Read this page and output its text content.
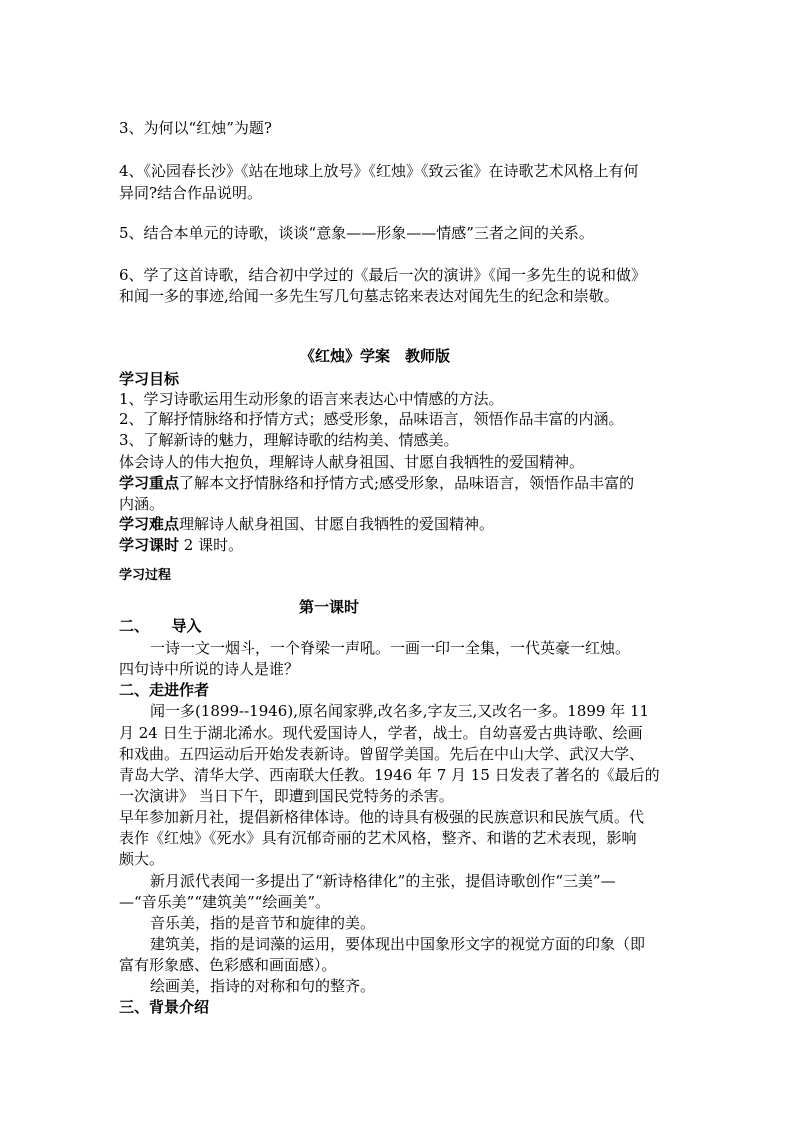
3、为何以“红烛”为题?
4、《沁园春长沙》《站在地球上放号》《红烛》《致云雀》在诗歌艺术风格上有何
异同?结合作品说明。
5、结合本单元的诗歌，谈谈“意象——形象——情感”三者之间的关系。
6、学了这首诗歌，结合初中学过的《最后一次的演讲》《闻一多先生的说和做》
和闻一多的事迹,给闻一多先生写几句墓志铭来表达对闻先生的纪念和崇敬。
《红烛》学案　教师版
学习目标
1、学习诗歌运用生动形象的语言来表达心中情感的方法。
2、了解抒情脉络和抒情方式；感受形象，品味语言，领悟作品丰富的内涵。
3、了解新诗的魅力，理解诗歌的结构美、情感美。
体会诗人的伟大抱负，理解诗人献身祖国、甘愿自我牺牲的爱国精神。
学习重点了解本文抒情脉络和抒情方式;感受形象，品味语言，领悟作品丰富的
内涵。
学习难点理解诗人献身祖国、甘愿自我牺牲的爱国精神。
学习课时 2 课时。
学习过程
第一课时
二、　　导入
一诗一文一烟斗，一个脊梁一声吼。一画一印一全集，一代英豪一红烛。
四句诗中所说的诗人是谁？
二、走进作者
闻一多(1899--1946),原名闻家骅,改名多,字友三,又改名一多。1899 年 11
月 24 日生于湖北浠水。现代爱国诗人，学者，战士。自幼喜爱古典诗歌、绘画
和戏曲。五四运动后开始发表新诗。曾留学美国。先后在中山大学、武汉大学、
青岛大学、清华大学、西南联大任教。1946 年 7 月 15 日发表了著名的《最后的
一次演讲》 当日下午，即遭到国民党特务的杀害。
早年参加新月社，提倡新格律体诗。他的诗具有极强的民族意识和民族气质。代
表作《红烛》《死水》具有沉郁奇丽的艺术风格，整齐、和谐的艺术表现，影响
颇大。
新月派代表闻一多提出了“新诗格律化”的主张，提倡诗歌创作“三美”—
—“音乐美”“建筑美”“绘画美”。
音乐美，指的是音节和旋律的美。
建筑美，指的是词藻的运用，要体现出中国象形文字的视觉方面的印象（即
富有形象感、色彩感和画面感）。
绘画美，指诗的对称和句的整齐。
三、背景介绍
